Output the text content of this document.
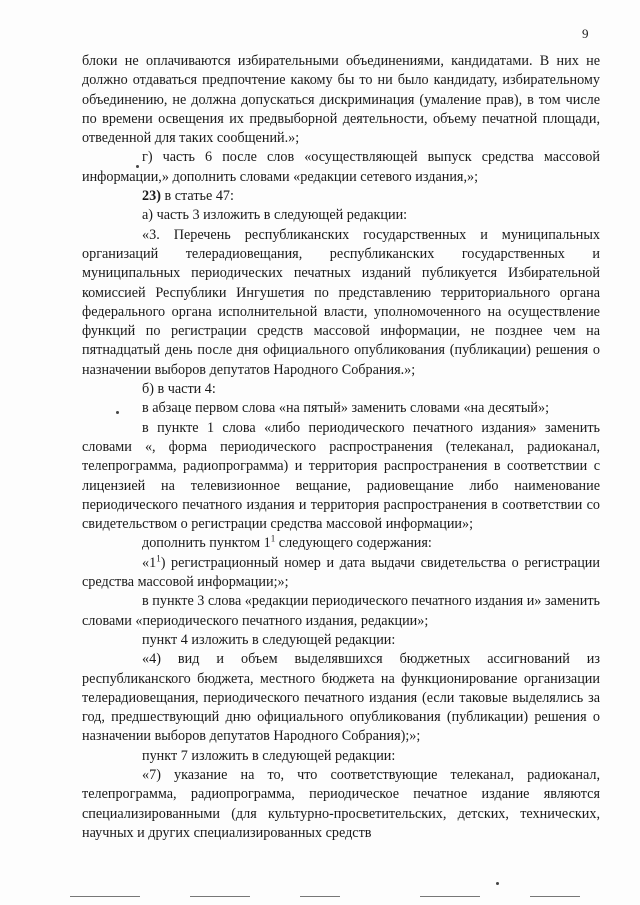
9

блоки не оплачиваются избирательными объединениями, кандидатами. В них не должно отдаваться предпочтение какому бы то ни было кандидату, избирательному объединению, не должна допускаться дискриминация (умаление прав), в том числе по времени освещения их предвыборной деятельности, объему печатной площади, отведенной для таких сообщений.»;

г) часть 6 после слов «осуществляющей выпуск средства массовой информации,» дополнить словами «редакции сетевого издания,»;

23) в статье 47:

а) часть 3 изложить в следующей редакции:

«3. Перечень республиканских государственных и муниципальных организаций телерадиовещания, республиканских государственных и муниципальных периодических печатных изданий публикуется Избирательной комиссией Республики Ингушетия по представлению территориального органа федерального органа исполнительной власти, уполномоченного на осуществление функций по регистрации средств массовой информации, не позднее чем на пятнадцатый день после дня официального опубликования (публикации) решения о назначении выборов депутатов Народного Собрания.»;

б) в части 4:

в абзаце первом слова «на пятый» заменить словами «на десятый»;

в пункте 1 слова «либо периодического печатного издания» заменить словами «, форма периодического распространения (телеканал, радиоканал, телепрограмма, радиопрограмма) и территория распространения в соответствии с лицензией на телевизионное вещание, радиовещание либо наименование периодического печатного издания и территория распространения в соответствии со свидетельством о регистрации средства массовой информации»;

дополнить пунктом $1^1$ следующего содержания:

«$1^1$) регистрационный номер и дата выдачи свидетельства о регистрации средства массовой информации;»;

в пункте 3 слова «редакции периодического печатного издания и» заменить словами «периодического печатного издания, редакции»;

пункт 4 изложить в следующей редакции:

«4) вид и объем выделявшихся бюджетных ассигнований из республиканского бюджета, местного бюджета на функционирование организации телерадиовещания, периодического печатного издания (если таковые выделялись за год, предшествующий дню официального опубликования (публикации) решения о назначении выборов депутатов Народного Собрания);»;

пункт 7 изложить в следующей редакции:

«7) указание на то, что соответствующие телеканал, радиоканал, телепрограмма, радиопрограмма, периодическое печатное издание являются специализированными (для культурно-просветительских, детских, технических, научных и других специализированных средств
